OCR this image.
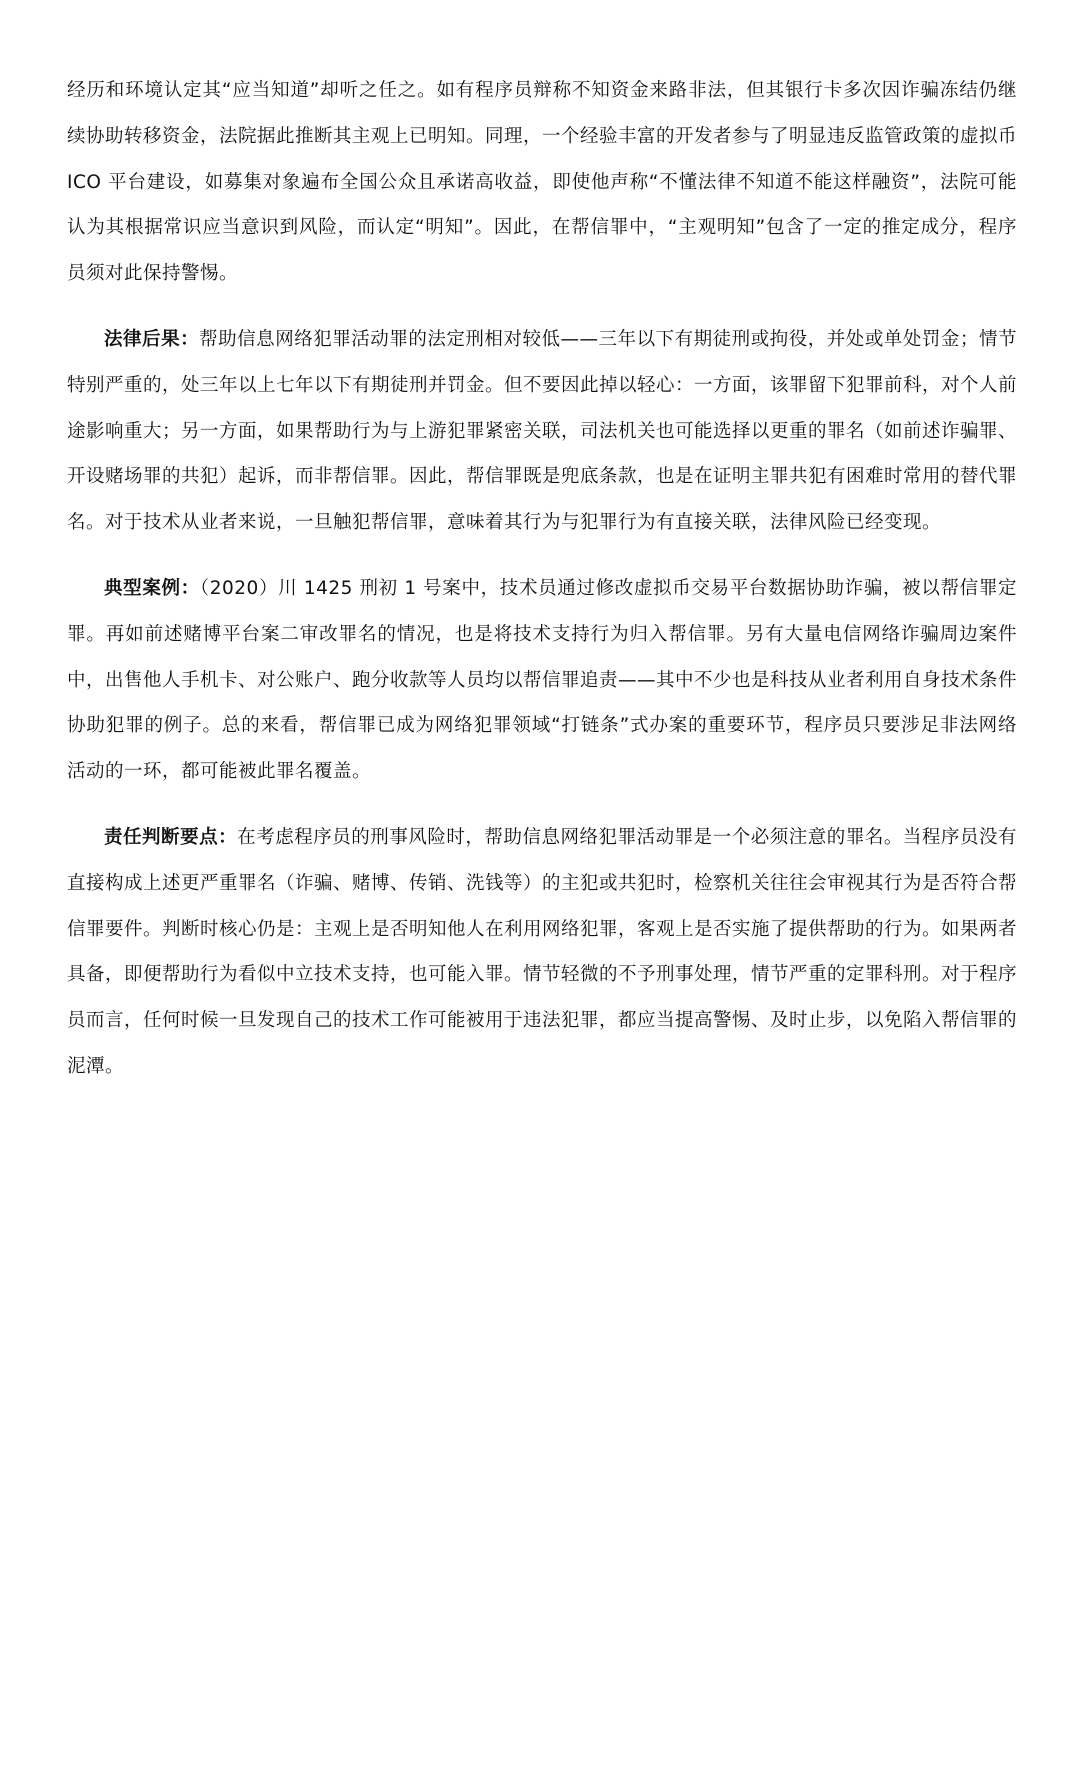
经历和环境认定其“应当知道”却听之任之。如有程序员辩称不知资金来路非法，但其银行卡多次因诈骗冻结仍继续协助转移资金，法院据此推断其主观上已明知。同理，一个经验丰富的开发者参与了明显违反监管政策的虚拟币 ICO 平台建设，如募集对象遍布全国公众且承诺高收益，即使他声称“不懂法律不知道不能这样融资”，法院可能认为其根据常识应当意识到风险，而认定“明知”。因此，在帮信罪中，“主观明知”包含了一定的推定成分，程序员须对此保持警惕。

法律后果：帮助信息网络犯罪活动罪的法定刑相对较低——三年以下有期徒刑或拘役，并处或单处罚金；情节特别严重的，处三年以上七年以下有期徒刑并罚金。但不要因此掉以轻心：一方面，该罪留下犯罪前科，对个人前途影响重大；另一方面，如果帮助行为与上游犯罪紧密关联，司法机关也可能选择以更重的罪名（如前述诈骗罪、开设赌场罪的共犯）起诉，而非帮信罪。因此，帮信罪既是兜底条款，也是在证明主罪共犯有困难时常用的替代罪名。对于技术从业者来说，一旦触犯帮信罪，意味着其行为与犯罪行为有直接关联，法律风险已经变现。

典型案例：（2020）川 1425 刑初 1 号案中，技术员通过修改虚拟币交易平台数据协助诈骗，被以帮信罪定罪。再如前述赌博平台案二审改罪名的情况，也是将技术支持行为归入帮信罪。另有大量电信网络诈骗周边案件中，出售他人手机卡、对公账户、跑分收款等人员均以帮信罪追责——其中不少也是科技从业者利用自身技术条件协助犯罪的例子。总的来看，帮信罪已成为网络犯罪领域“打链条”式办案的重要环节，程序员只要涉足非法网络活动的一环，都可能被此罪名覆盖。

责任判断要点：在考虑程序员的刑事风险时，帮助信息网络犯罪活动罪是一个必须注意的罪名。当程序员没有直接构成上述更严重罪名（诈骗、赌博、传销、洗钱等）的主犯或共犯时，检察机关往往会审视其行为是否符合帮信罪要件。判断时核心仍是：主观上是否明知他人在利用网络犯罪，客观上是否实施了提供帮助的行为。如果两者具备，即便帮助行为看似中立技术支持，也可能入罪。情节轻微的不予刑事处理，情节严重的定罪科刑。对于程序员而言，任何时候一旦发现自己的技术工作可能被用于违法犯罪，都应当提高警惕、及时止步，以免陷入帮信罪的泥潭。
